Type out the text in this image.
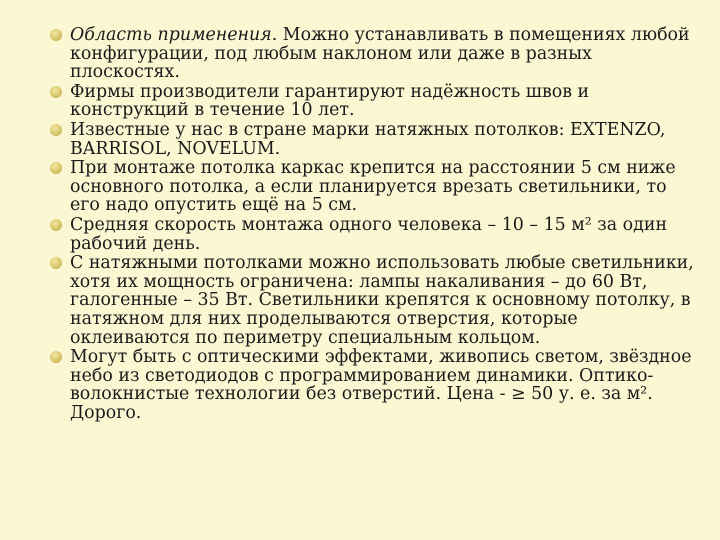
Область применения. Можно устанавливать в помещениях любой конфигурации, под любым наклоном или даже в разных плоскостях.
Фирмы производители гарантируют надёжность швов и конструкций в течение 10 лет.
Известные у нас в стране марки натяжных потолков: EXTENZO, BARRISOL, NOVELUM.
При монтаже потолка каркас крепится на расстоянии 5 см ниже основного потолка, а если планируется врезать светильники, то его надо опустить ещё на 5 см.
Средняя скорость монтажа одного человека – 10 – 15 м² за один рабочий день.
С натяжными потолками можно использовать любые светильники, хотя их мощность ограничена: лампы накаливания – до 60 Вт, галогенные – 35 Вт. Светильники крепятся к основному потолку, в натяжном для них проделываются отверстия, которые оклеиваются по периметру специальным кольцом.
Могут быть с оптическими эффектами, живопись светом, звёздное небо из светодиодов с программированием динамики. Оптико-волокнистые технологии без отверстий. Цена - ≥ 50 у. е. за м². Дорого.
